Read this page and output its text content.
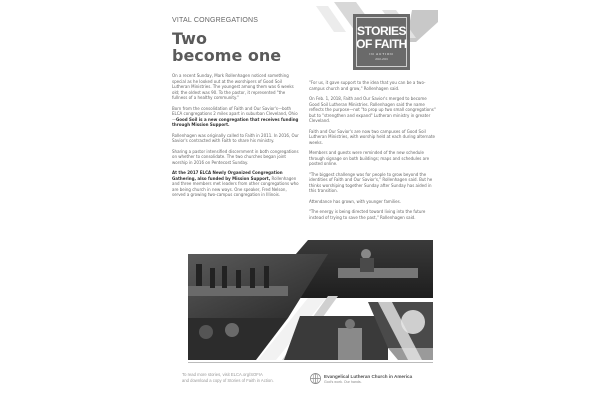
VITAL CONGREGATIONS
Two
become one
STORIES
OF FAITH
IN ACTION
2018–2019

On a recent Sunday, Mark Rollenhagen noticed something special as he looked out at the worshipers of Good Soil Lutheran Ministries. The youngest among them was 6 weeks old; the oldest was 90. To the pastor, it represented "the fullness of a healthy community."

Born from the consolidation of Faith and Our Savior's—both ELCA congregations 2 miles apart in suburban Cleveland, Ohio—Good Soil is a new congregation that receives funding through Mission Support.

Rollenhagen was originally called to Faith in 2011. In 2016, Our Savior's contracted with Faith to share his ministry.

Sharing a pastor intensified discernment in both congregations on whether to consolidate. The two churches began joint worship in 2016 on Pentecost Sunday.

At the 2017 ELCA Newly Organized Congregation Gathering, also funded by Mission Support, Rollenhagen and three members met leaders from other congregations who are being church in new ways. One speaker, Fred Nelson, served a growing two-campus congregation in Illinois.

"For us, it gave support to the idea that you can be a two-campus church and grow," Rollenhagen said.

On Feb. 1, 2018, Faith and Our Savior's merged to become Good Soil Lutheran Ministries. Rollenhagen said the name reflects the purpose—not "to prop up two small congregations" but to "strengthen and expand" Lutheran ministry in greater Cleveland.

Faith and Our Savior's are now two campuses of Good Soil Lutheran Ministries, with worship held at each during alternate weeks.

Members and guests were reminded of the new schedule through signage on both buildings; maps and schedules are posted online.

"The biggest challenge was for people to grow beyond the identities of Faith and Our Savior's," Rollenhagen said. But he thinks worshiping together Sunday after Sunday has aided in this transition.

Attendance has grown, with younger families.

"The energy is being directed toward living into the future instead of trying to save the past," Rollenhagen said.

To read more stories, visit ELCA.org/SOFIA
and download a copy of Stories of Faith in Action.
Evangelical Lutheran Church in America
God's work. Our hands.
